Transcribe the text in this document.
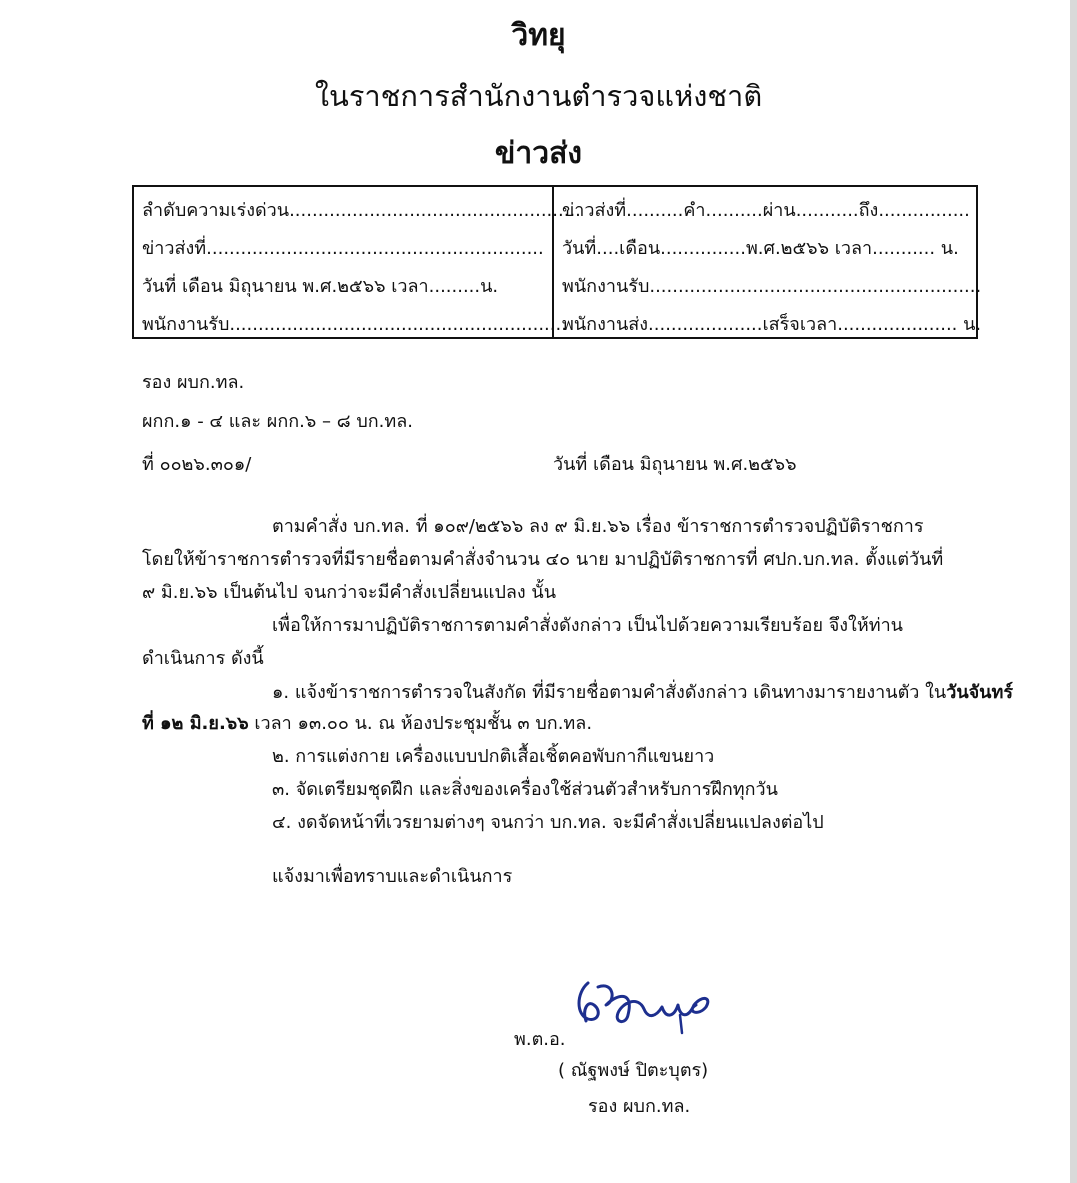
วิทยุ
ในราชการสำนักงานตำรวจแห่งชาติ
ข่าวส่ง
ลำดับความเร่งด่วน...................................................
ข่าวส่งที่...........................................................
วันที่ เดือน มิถุนายน พ.ศ.๒๕๖๖ เวลา.........น.
พนักงานรับ...........................................................
ข่าวส่งที่..........คำ..........ผ่าน...........ถึง................
วันที่....เดือน...............พ.ศ.๒๕๖๖ เวลา........... น.
พนักงานรับ..........................................................
พนักงานส่ง....................เสร็จเวลา..................... น.
รอง ผบก.ทล.
ผกก.๑ - ๔ และ ผกก.๖ – ๘ บก.ทล.
ที่ ๐๐๒๖.๓๐๑/	วันที่ เดือน มิถุนายน พ.ศ.๒๕๖๖
ตามคำสั่ง บก.ทล. ที่ ๑๐๙/๒๕๖๖ ลง ๙ มิ.ย.๖๖ เรื่อง ข้าราชการตำรวจปฏิบัติราชการ
โดยให้ข้าราชการตำรวจที่มีรายชื่อตามคำสั่งจำนวน ๔๐ นาย มาปฏิบัติราชการที่ ศปก.บก.ทล. ตั้งแต่วันที่
๙ มิ.ย.๖๖ เป็นต้นไป จนกว่าจะมีคำสั่งเปลี่ยนแปลง นั้น
เพื่อให้การมาปฏิบัติราชการตามคำสั่งดังกล่าว เป็นไปด้วยความเรียบร้อย จึงให้ท่าน
ดำเนินการ ดังนี้
๑. แจ้งข้าราชการตำรวจในสังกัด ที่มีรายชื่อตามคำสั่งดังกล่าว เดินทางมารายงานตัว ในวันจันทร์
ที่ ๑๒ มิ.ย.๖๖ เวลา ๑๓.๐๐ น. ณ ห้องประชุมชั้น ๓ บก.ทล.
๒. การแต่งกาย เครื่องแบบปกติเสื้อเชิ้ตคอพับกากีแขนยาว
๓. จัดเตรียมชุดฝึก และสิ่งของเครื่องใช้ส่วนตัวสำหรับการฝึกทุกวัน
๔. งดจัดหน้าที่เวรยามต่างๆ จนกว่า บก.ทล. จะมีคำสั่งเปลี่ยนแปลงต่อไป
แจ้งมาเพื่อทราบและดำเนินการ
พ.ต.อ.
( ณัฐพงษ์ ปิตะบุตร)
รอง ผบก.ทล.
